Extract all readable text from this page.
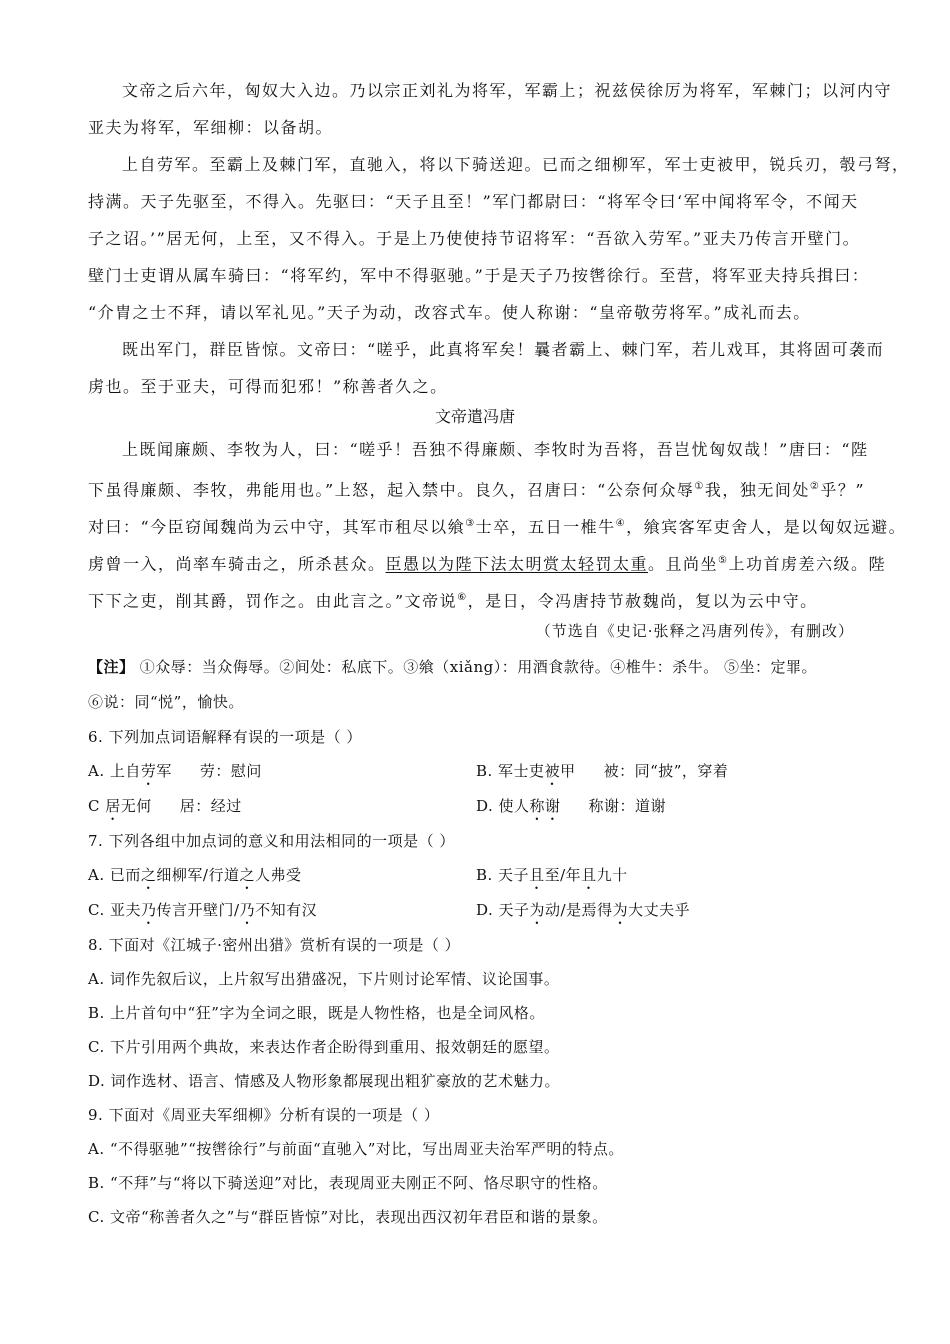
文帝之后六年，匈奴大入边。乃以宗正刘礼为将军，军霸上；祝兹侯徐厉为将军，军棘门；以河内守
亚夫为将军，军细柳：以备胡。
上自劳军。至霸上及棘门军，直驰入，将以下骑送迎。已而之细柳军，军士吏被甲，锐兵刃，彀弓弩，
持满。天子先驱至，不得入。先驱曰：“天子且至！”军门都尉曰：“将军令曰‘军中闻将军令，不闻天
子之诏。’”居无何，上至，又不得入。于是上乃使使持节诏将军：“吾欲入劳军。”亚夫乃传言开壁门。
壁门士吏谓从属车骑曰：“将军约，军中不得驱驰。”于是天子乃按辔徐行。至营，将军亚夫持兵揖曰：
“介胄之士不拜，请以军礼见。”天子为动，改容式车。使人称谢：“皇帝敬劳将军。”成礼而去。
既出军门，群臣皆惊。文帝曰：“嗟乎，此真将军矣！曩者霸上、棘门军，若儿戏耳，其将固可袭而
虏也。至于亚夫，可得而犯邪！”称善者久之。
文帝遣冯唐
上既闻廉颇、李牧为人，曰：“嗟乎！吾独不得廉颇、李牧时为吾将，吾岂忧匈奴哉！”唐曰：“陛
下虽得廉颇、李牧，弗能用也。”上怒，起入禁中。良久，召唐曰：“公奈何众辱①我，独无间处②乎？”
对曰：“今臣窃闻魏尚为云中守，其军市租尽以飨③士卒，五日一椎牛④，飨宾客军吏舍人，是以匈奴远避。
虏曾一入，尚率车骑击之，所杀甚众。臣愚以为陛下法太明赏太轻罚太重。且尚坐⑤上功首虏差六级。陛
下下之吏，削其爵，罚作之。由此言之。”文帝说⑥，是日，令冯唐持节赦魏尚，复以为云中守。
（节选自《史记·张释之冯唐列传》，有删改）
【注】 ①众辱：当众侮辱。②间处：私底下。③飨（xiǎng）：用酒食款待。④椎牛：杀牛。 ⑤坐：定罪。
⑥说：同“悦”，愉快。
6. 下列加点词语解释有误的一项是（ ）
A. 上自劳军 劳：慰问	B. 军士吏被甲 被：同“披”，穿着
C 居无何 居：经过	D. 使人称谢 称谢：道谢
7. 下列各组中加点词的意义和用法相同的一项是（ ）
A. 已而之细柳军/行道之人弗受	B. 天子且至/年且九十
C. 亚夫乃传言开壁门/乃不知有汉	D. 天子为动/是焉得为大丈夫乎
8. 下面对《江城子·密州出猎》赏析有误的一项是（ ）
A. 词作先叙后议，上片叙写出猎盛况，下片则讨论军情、议论国事。
B. 上片首句中“狂”字为全词之眼，既是人物性格，也是全词风格。
C. 下片引用两个典故，来表达作者企盼得到重用、报效朝廷的愿望。
D. 词作选材、语言、情感及人物形象都展现出粗犷豪放的艺术魅力。
9. 下面对《周亚夫军细柳》分析有误的一项是（ ）
A. “不得驱驰”“按辔徐行”与前面“直驰入”对比，写出周亚夫治军严明的特点。
B. “不拜”与“将以下骑送迎”对比，表现周亚夫刚正不阿、恪尽职守的性格。
C. 文帝“称善者久之”与“群臣皆惊”对比，表现出西汉初年君臣和谐的景象。
